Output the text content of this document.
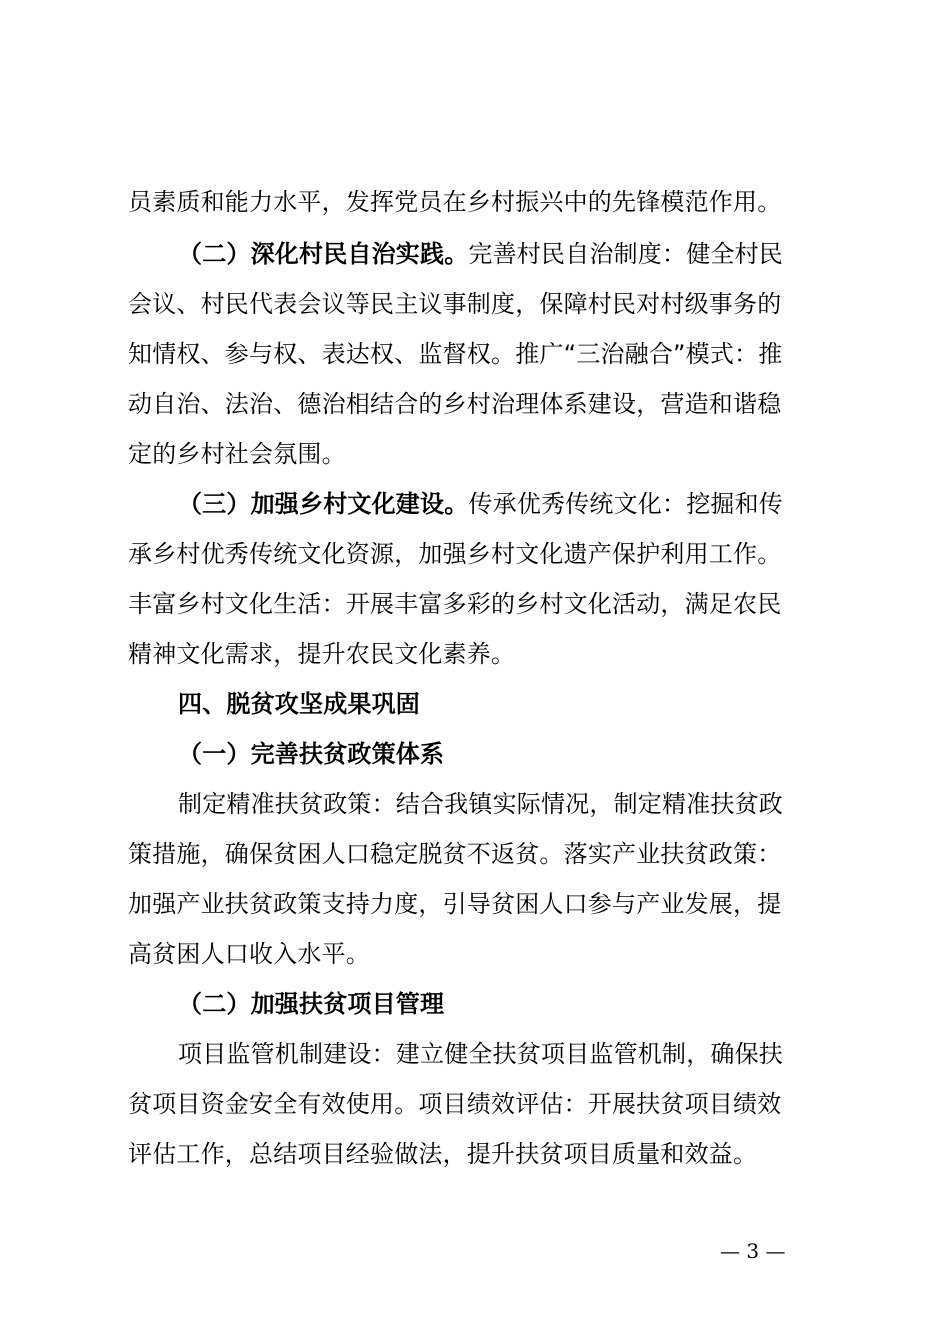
员素质和能力水平，发挥党员在乡村振兴中的先锋模范作用。
（二）深化村民自治实践。完善村民自治制度：健全村民
会议、村民代表会议等民主议事制度，保障村民对村级事务的
知情权、参与权、表达权、监督权。推广“三治融合”模式：推
动自治、法治、德治相结合的乡村治理体系建设，营造和谐稳
定的乡村社会氛围。
（三）加强乡村文化建设。传承优秀传统文化：挖掘和传
承乡村优秀传统文化资源，加强乡村文化遗产保护利用工作。
丰富乡村文化生活：开展丰富多彩的乡村文化活动，满足农民
精神文化需求，提升农民文化素养。
四、脱贫攻坚成果巩固
（一）完善扶贫政策体系
制定精准扶贫政策：结合我镇实际情况，制定精准扶贫政
策措施，确保贫困人口稳定脱贫不返贫。落实产业扶贫政策：
加强产业扶贫政策支持力度，引导贫困人口参与产业发展，提
高贫困人口收入水平。
（二）加强扶贫项目管理
项目监管机制建设：建立健全扶贫项目监管机制，确保扶
贫项目资金安全有效使用。项目绩效评估：开展扶贫项目绩效
评估工作，总结项目经验做法，提升扶贫项目质量和效益。
— 3 —
